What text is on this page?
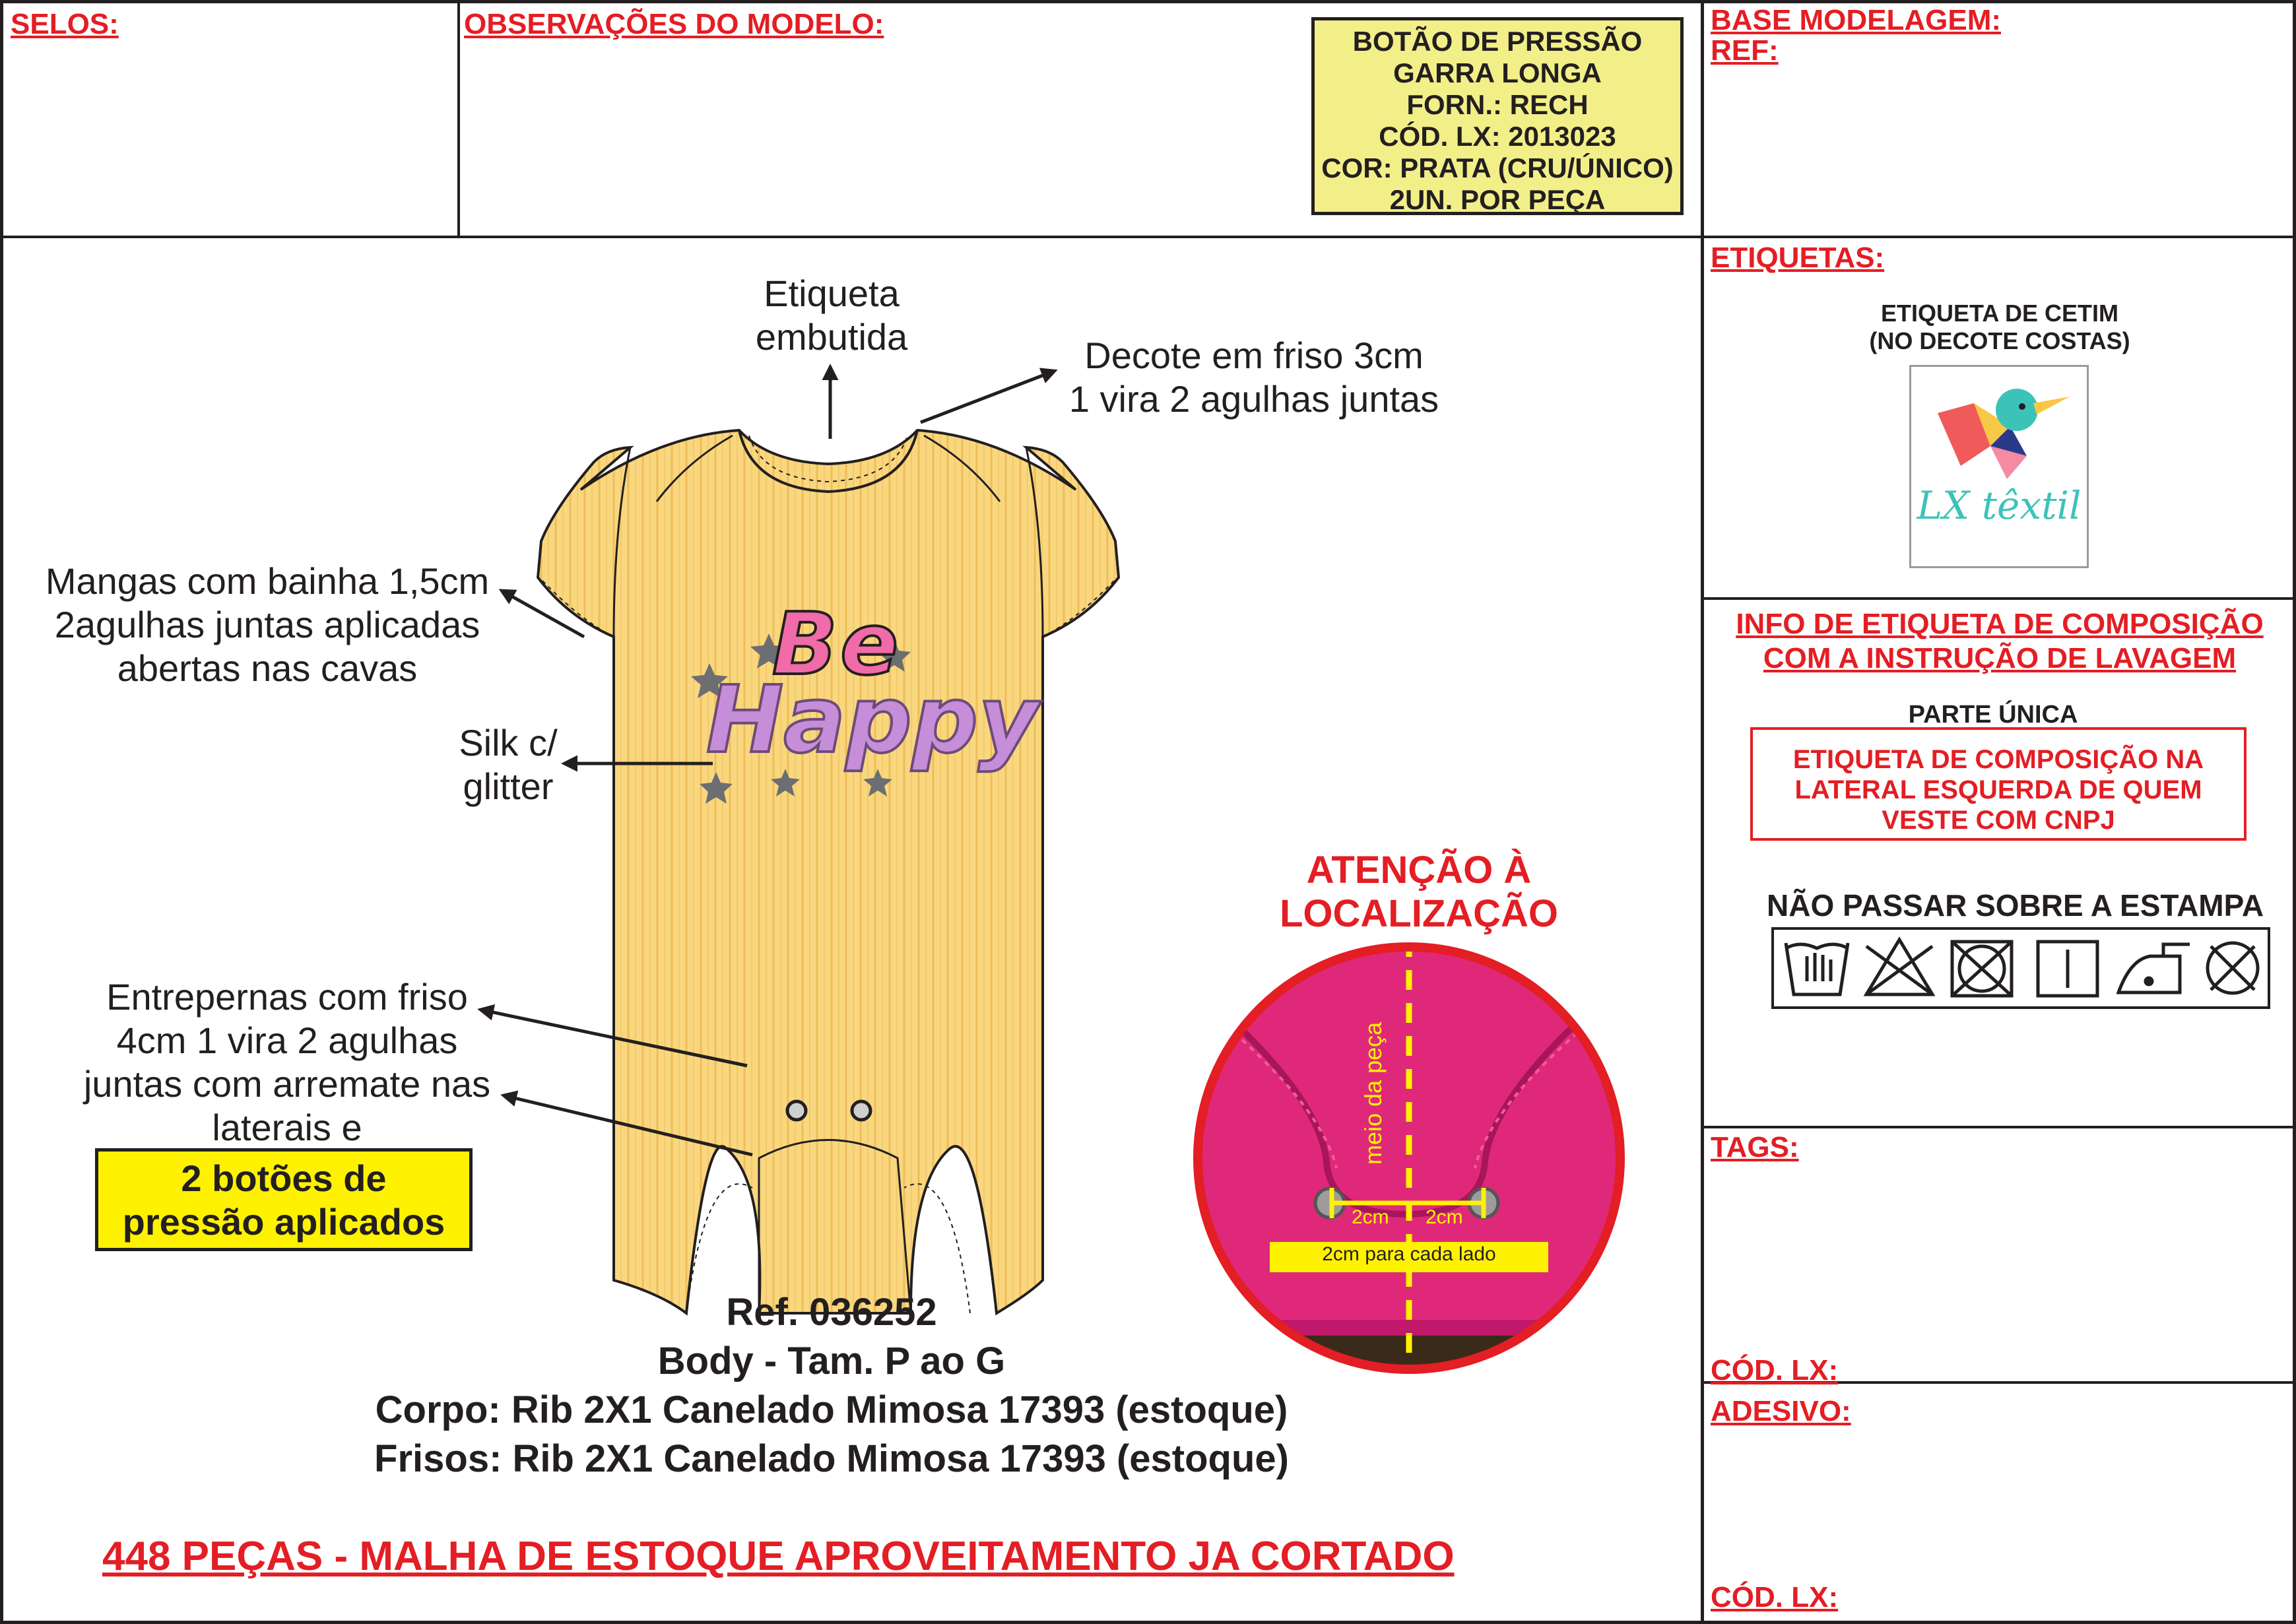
SELOS:	OBSERVAÇÕES DO MODELO:
BOTÃO DE PRESSÃO
GARRA LONGA
FORN.: RECH
CÓD. LX: 2013023
COR: PRATA (CRU/ÚNICO)
2UN. POR PEÇA
BASE MODELAGEM:
REF:
Be
Happy
Etiqueta
embutida	Decote em friso 3cm
1 vira 2 agulhas juntas
Mangas com bainha 1,5cm
2agulhas juntas aplicadas
abertas nas cavas
Silk c/
glitter
Entrepernas com friso
4cm 1 vira 2 agulhas
juntas com arremate nas
laterais e
2 botões de
pressão aplicados
ATENÇÃO À
LOCALIZAÇÃO
meio da peça
2cm 2cm
2cm para cada lado
Ref. 036252
Body - Tam. P ao G
Corpo: Rib 2X1 Canelado Mimosa 17393 (estoque)
Frisos: Rib 2X1 Canelado Mimosa 17393 (estoque)
448 PEÇAS - MALHA DE ESTOQUE APROVEITAMENTO JA CORTADO
ETIQUETAS:
ETIQUETA DE CETIM
(NO DECOTE COSTAS)
LX têxtil
INFO DE ETIQUETA DE COMPOSIÇÃO
COM A INSTRUÇÃO DE LAVAGEM
PARTE ÚNICA
ETIQUETA DE COMPOSIÇÃO NA
LATERAL ESQUERDA DE QUEM
VESTE COM CNPJ
NÃO PASSAR SOBRE A ESTAMPA
TAGS:
CÓD. LX:
ADESIVO:
CÓD. LX:
